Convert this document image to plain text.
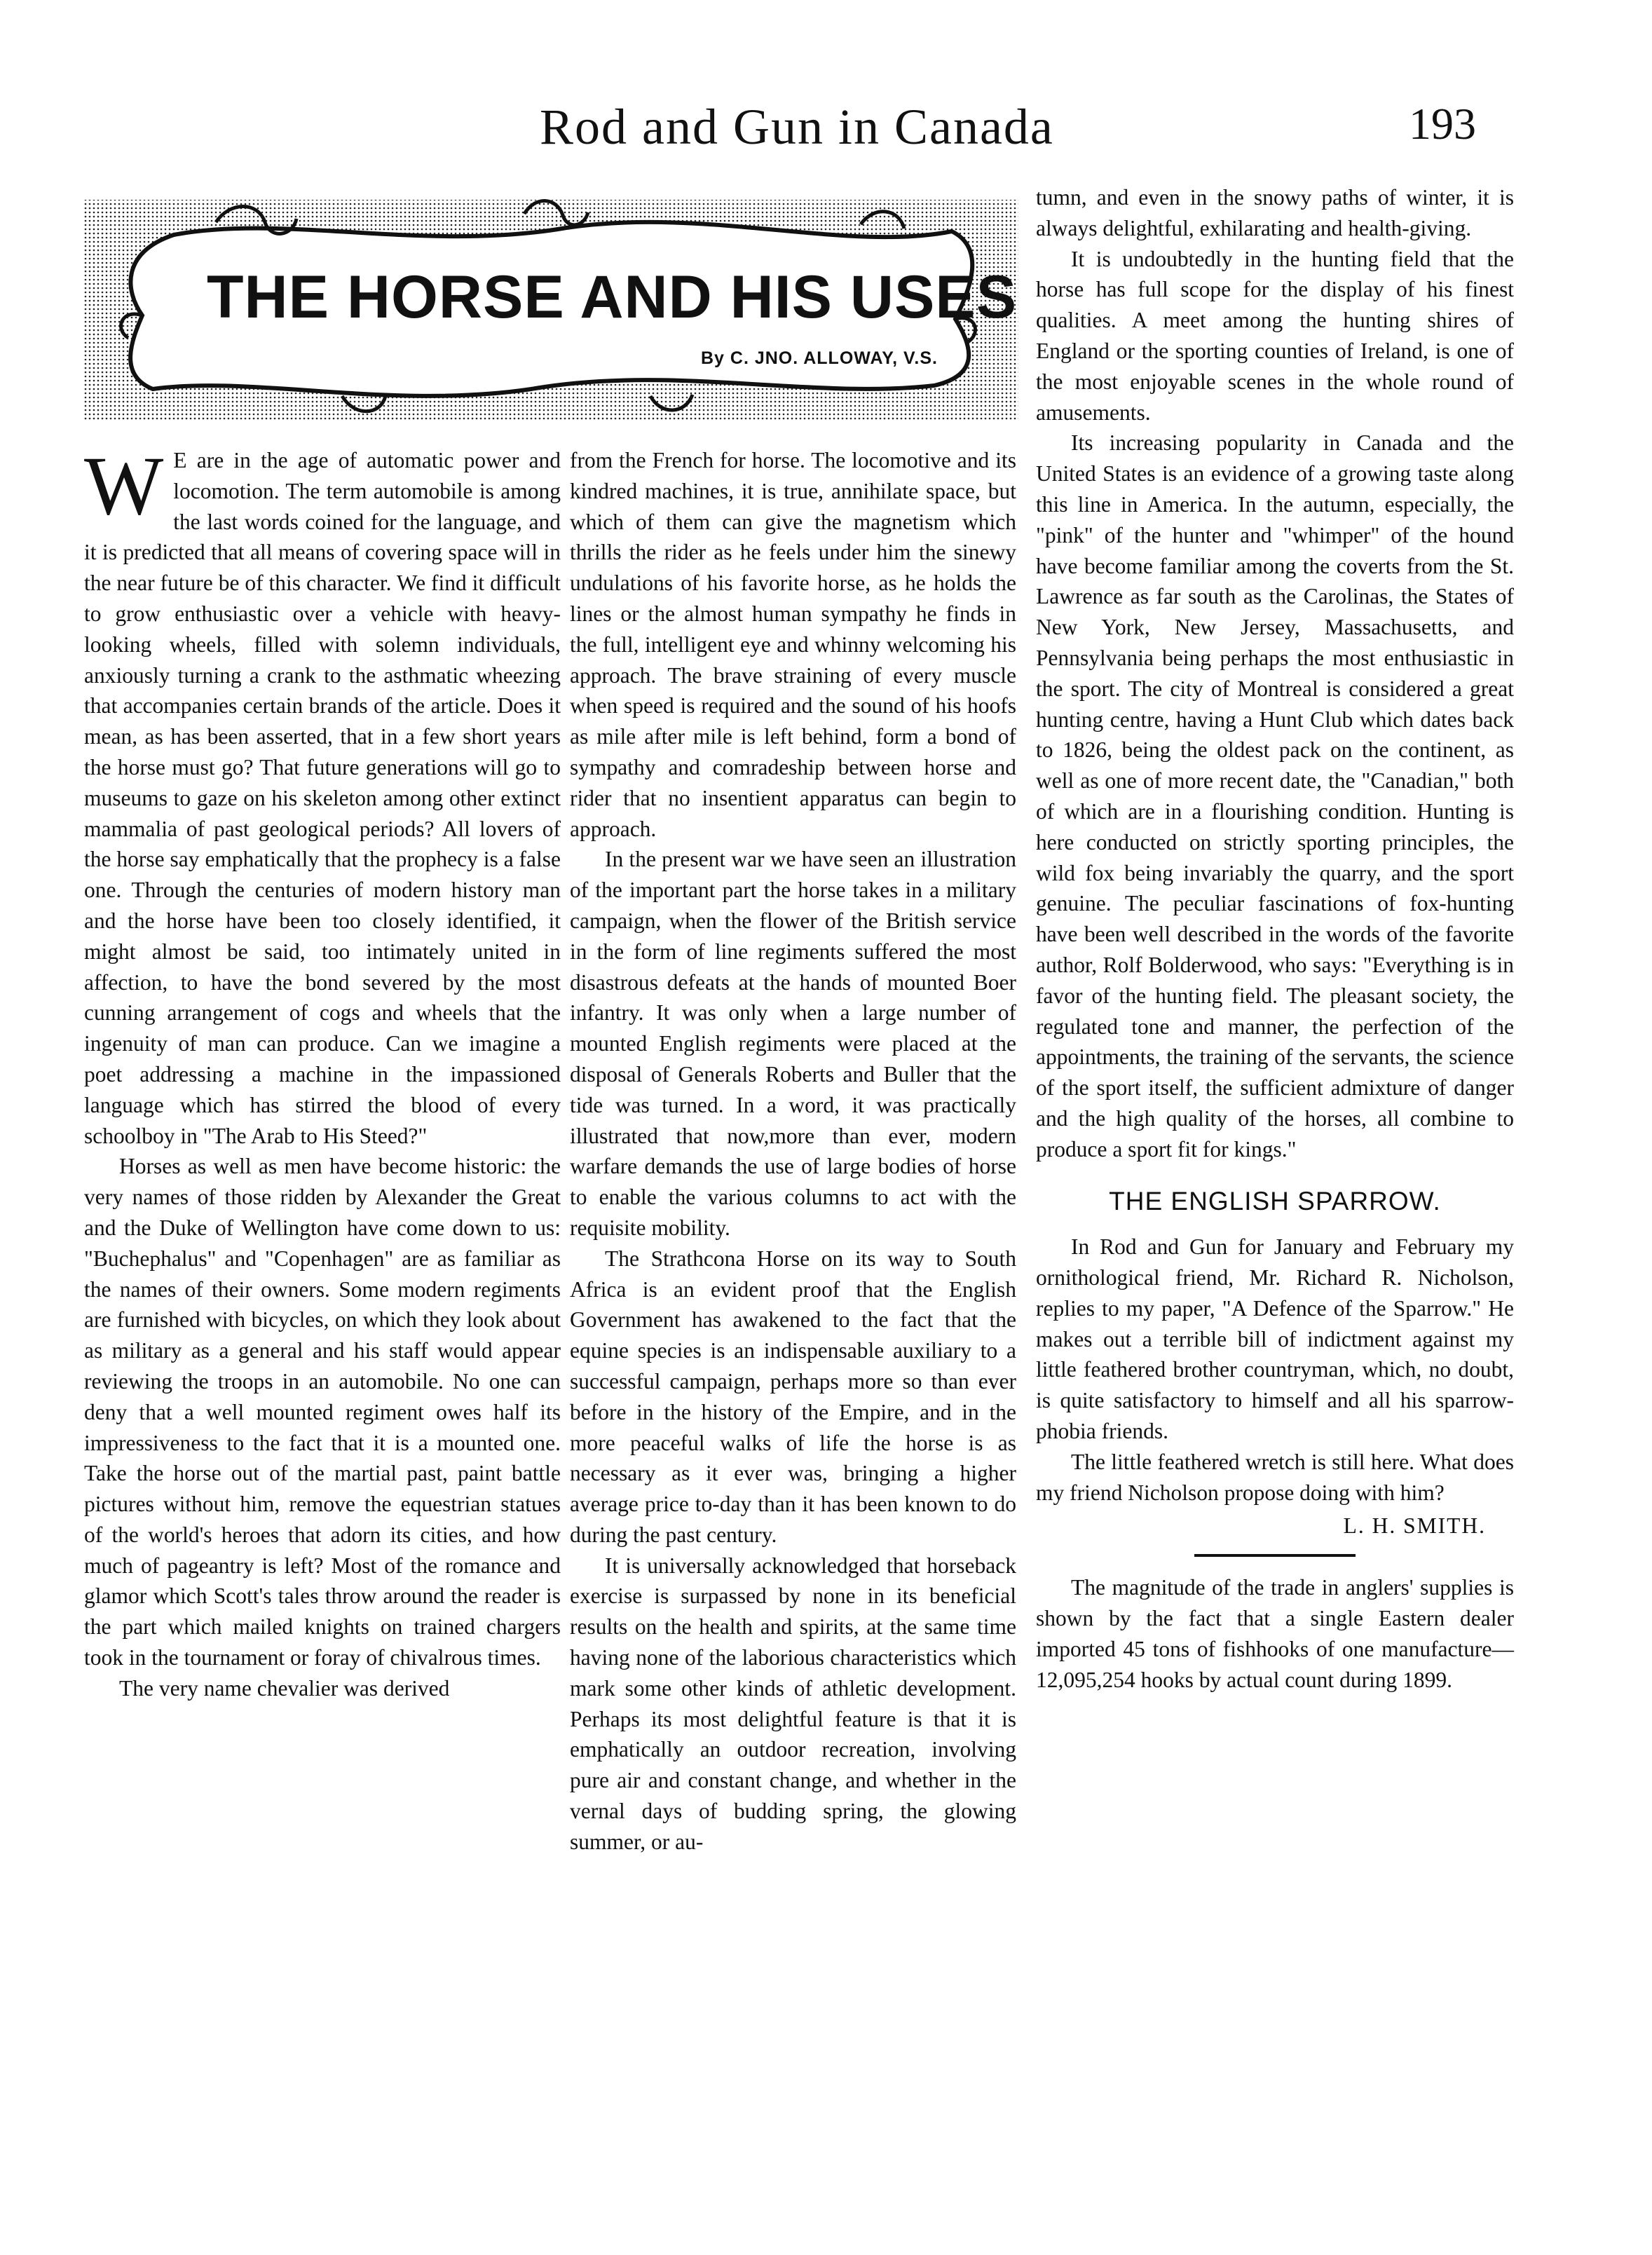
Rod and Gun in Canada	193
THE HORSE AND HIS USES
By C. JNO. ALLOWAY, V.S.

W E are in the age of automatic power and locomotion. The term automobile is among the last words coined for the language, and it is predicted that all means of covering space will in the near future be of this character. We find it difficult to grow enthusiastic over a vehicle with heavy-looking wheels, filled with solemn individuals, anxiously turning a crank to the asthmatic wheezing that accompanies certain brands of the article. Does it mean, as has been asserted, that in a few short years the horse must go? That future generations will go to museums to gaze on his skeleton among other extinct mammalia of past geological periods? All lovers of the horse say emphatically that the prophecy is a false one. Through the centuries of modern history man and the horse have been too closely identified, it might almost be said, too intimately united in affection, to have the bond severed by the most cunning arrangement of cogs and wheels that the ingenuity of man can produce. Can we imagine a poet addressing a machine in the impassioned language which has stirred the blood of every schoolboy in "The Arab to His Steed?"

Horses as well as men have become historic: the very names of those ridden by Alexander the Great and the Duke of Wellington have come down to us: "Buchephalus" and "Copenhagen" are as familiar as the names of their owners. Some modern regiments are furnished with bicycles, on which they look about as military as a general and his staff would appear reviewing the troops in an automobile. No one can deny that a well mounted regiment owes half its impressiveness to the fact that it is a mounted one. Take the horse out of the martial past, paint battle pictures without him, remove the equestrian statues of the world's heroes that adorn its cities, and how much of pageantry is left? Most of the romance and glamor which Scott's tales throw around the reader is the part which mailed knights on trained chargers took in the tournament or foray of chivalrous times.

The very name chevalier was derived

from the French for horse. The locomotive and its kindred machines, it is true, annihilate space, but which of them can give the magnetism which thrills the rider as he feels under him the sinewy undulations of his favorite horse, as he holds the lines or the almost human sympathy he finds in the full, intelligent eye and whinny welcoming his approach. The brave straining of every muscle when speed is required and the sound of his hoofs as mile after mile is left behind, form a bond of sympathy and comradeship between horse and rider that no insentient apparatus can begin to approach.

In the present war we have seen an illustration of the important part the horse takes in a military campaign, when the flower of the British service in the form of line regiments suffered the most disastrous defeats at the hands of mounted Boer infantry. It was only when a large number of mounted English regiments were placed at the disposal of Generals Roberts and Buller that the tide was turned. In a word, it was practically illustrated that now,more than ever, modern warfare demands the use of large bodies of horse to enable the various columns to act with the requisite mobility.

The Strathcona Horse on its way to South Africa is an evident proof that the English Government has awakened to the fact that the equine species is an indispensable auxiliary to a successful campaign, perhaps more so than ever before in the history of the Empire, and in the more peaceful walks of life the horse is as necessary as it ever was, bringing a higher average price to-day than it has been known to do during the past century.

It is universally acknowledged that horseback exercise is surpassed by none in its beneficial results on the health and spirits, at the same time having none of the laborious characteristics which mark some other kinds of athletic development. Perhaps its most delightful feature is that it is emphatically an outdoor recreation, involving pure air and constant change, and whether in the vernal days of budding spring, the glowing summer, or au-

tumn, and even in the snowy paths of winter, it is always delightful, exhilarating and health-giving.

It is undoubtedly in the hunting field that the horse has full scope for the display of his finest qualities. A meet among the hunting shires of England or the sporting counties of Ireland, is one of the most enjoyable scenes in the whole round of amusements.

Its increasing popularity in Canada and the United States is an evidence of a growing taste along this line in America. In the autumn, especially, the "pink" of the hunter and "whimper" of the hound have become familiar among the coverts from the St. Lawrence as far south as the Carolinas, the States of New York, New Jersey, Massachusetts, and Pennsylvania being perhaps the most enthusiastic in the sport. The city of Montreal is considered a great hunting centre, having a Hunt Club which dates back to 1826, being the oldest pack on the continent, as well as one of more recent date, the "Canadian," both of which are in a flourishing condition. Hunting is here conducted on strictly sporting principles, the wild fox being invariably the quarry, and the sport genuine. The peculiar fascinations of fox-hunting have been well described in the words of the favorite author, Rolf Bolderwood, who says: "Everything is in favor of the hunting field. The pleasant society, the regulated tone and manner, the perfection of the appointments, the training of the servants, the science of the sport itself, the sufficient admixture of danger and the high quality of the horses, all combine to produce a sport fit for kings."

THE ENGLISH SPARROW.

In Rod and Gun for January and February my ornithological friend, Mr. Richard R. Nicholson, replies to my paper, "A Defence of the Sparrow." He makes out a terrible bill of indictment against my little feathered brother countryman, which, no doubt, is quite satisfactory to himself and all his sparrow-phobia friends.

The little feathered wretch is still here. What does my friend Nicholson propose doing with him?

L. H. SMITH.

The magnitude of the trade in anglers' supplies is shown by the fact that a single Eastern dealer imported 45 tons of fishhooks of one manufacture—12,095,254 hooks by actual count during 1899.
